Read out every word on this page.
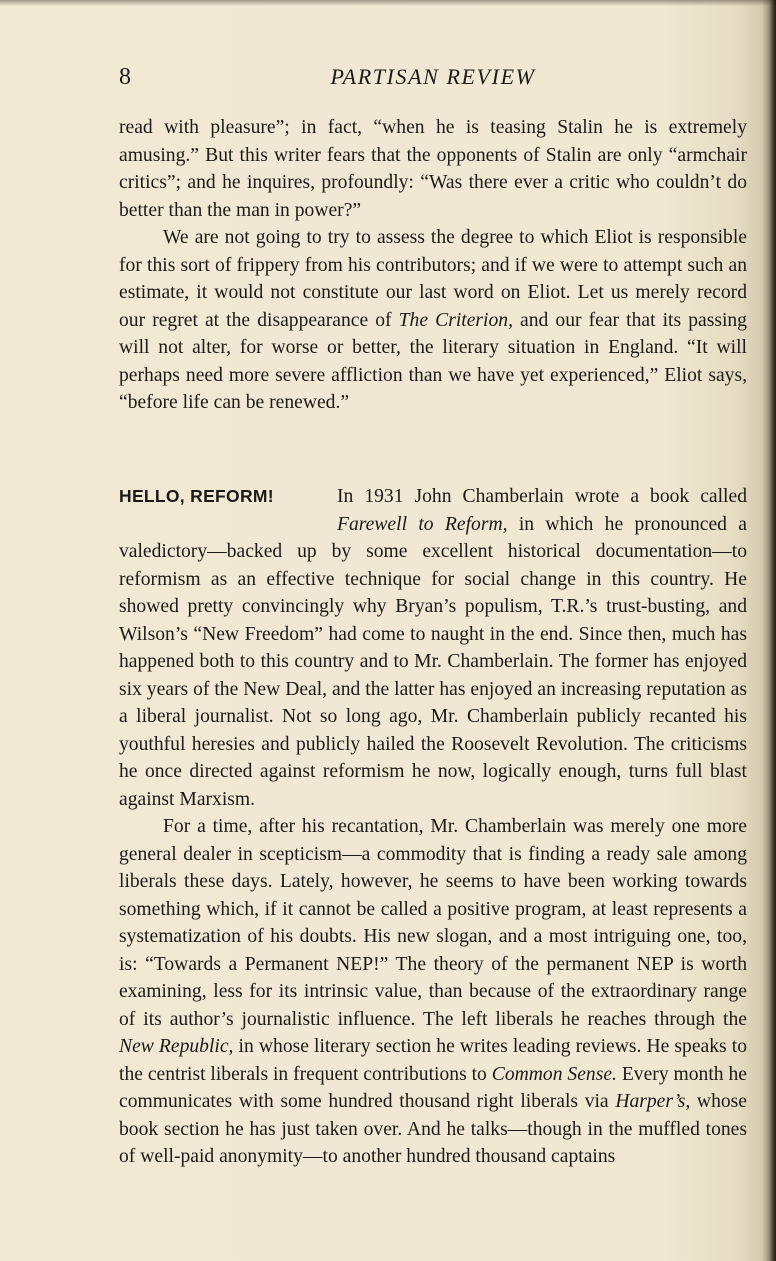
8	PARTISAN REVIEW

read with pleasure”; in fact, “when he is teasing Stalin he is extremely amusing.” But this writer fears that the opponents of Stalin are only “armchair critics”; and he inquires, profoundly: “Was there ever a critic who couldn’t do better than the man in power?”

We are not going to try to assess the degree to which Eliot is responsible for this sort of frippery from his contributors; and if we were to attempt such an estimate, it would not constitute our last word on Eliot. Let us merely record our regret at the disappearance of The Criterion, and our fear that its passing will not alter, for worse or better, the literary situation in England. “It will perhaps need more severe affliction than we have yet experienced,” Eliot says, “before life can be renewed.”

HELLO, REFORM!	In 1931 John Chamberlain wrote a book called Farewell to Reform, in which he pronounced a valedictory—backed up by some excellent historical documentation—to reformism as an effective technique for social change in this country. He showed pretty convincingly why Bryan’s populism, T.R.’s trust-busting, and Wilson’s “New Freedom” had come to naught in the end. Since then, much has happened both to this country and to Mr. Chamberlain. The former has enjoyed six years of the New Deal, and the latter has enjoyed an increasing reputation as a liberal journalist. Not so long ago, Mr. Chamberlain publicly recanted his youthful heresies and publicly hailed the Roosevelt Revolution. The criticisms he once directed against reformism he now, logically enough, turns full blast against Marxism.

For a time, after his recantation, Mr. Chamberlain was merely one more general dealer in scepticism—a commodity that is finding a ready sale among liberals these days. Lately, however, he seems to have been working towards something which, if it cannot be called a positive program, at least represents a systematization of his doubts. His new slogan, and a most intriguing one, too, is: “Towards a Permanent NEP!” The theory of the permanent NEP is worth examining, less for its intrinsic value, than because of the extraordinary range of its author’s journalistic influence. The left liberals he reaches through the New Republic, in whose literary section he writes leading reviews. He speaks to the centrist liberals in frequent contributions to Common Sense. Every month he communicates with some hundred thousand right liberals via Harper’s, whose book section he has just taken over. And he talks—though in the muffled tones of well-paid anonymity—to another hundred thousand captains
